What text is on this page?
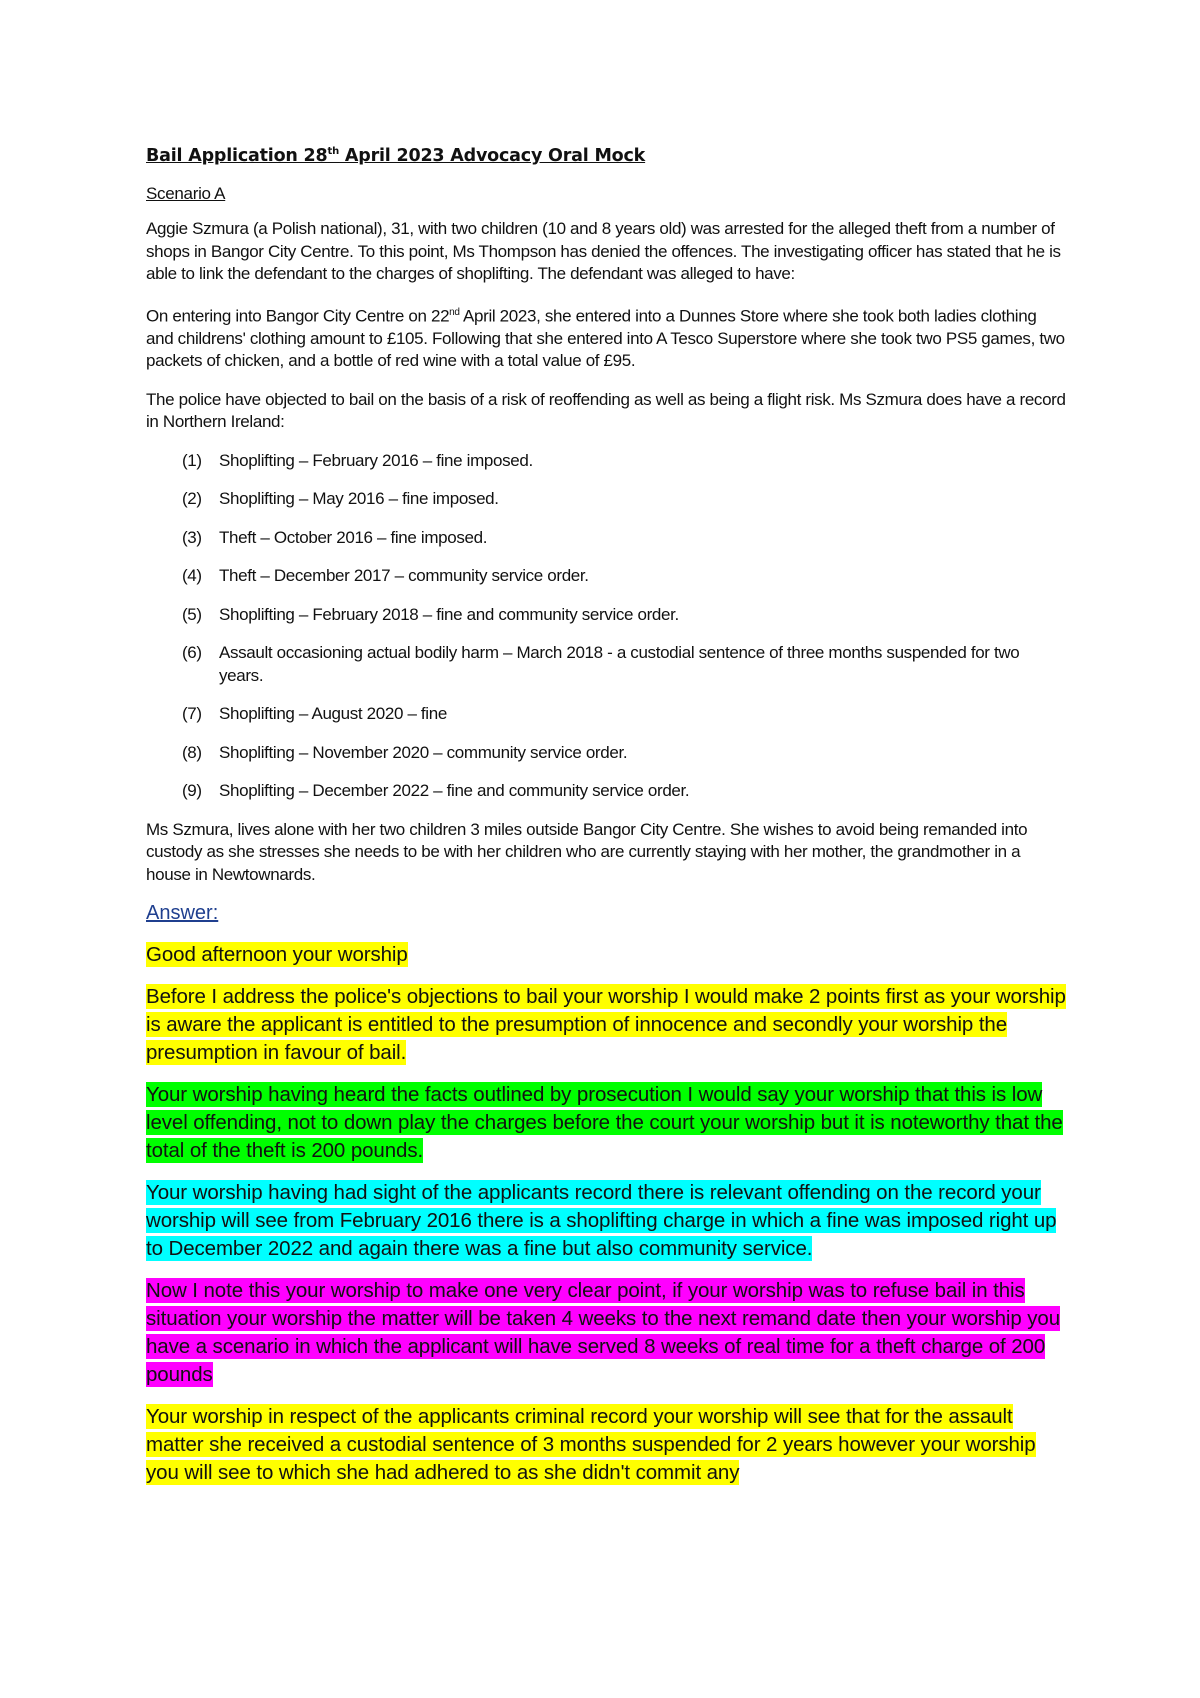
Bail Application 28th April 2023 Advocacy Oral Mock
Scenario A

Aggie Szmura (a Polish national), 31, with two children (10 and 8 years old) was arrested for the alleged theft from a number of shops in Bangor City Centre. To this point, Ms Thompson has denied the offences. The investigating officer has stated that he is able to link the defendant to the charges of shoplifting. The defendant was alleged to have:

On entering into Bangor City Centre on 22nd April 2023, she entered into a Dunnes Store where she took both ladies clothing and childrens' clothing amount to £105. Following that she entered into A Tesco Superstore where she took two PS5 games, two packets of chicken, and a bottle of red wine with a total value of £95.

The police have objected to bail on the basis of a risk of reoffending as well as being a flight risk. Ms Szmura does have a record in Northern Ireland:

(1)	Shoplifting – February 2016 – fine imposed.
(2)	Shoplifting – May 2016 – fine imposed.
(3)	Theft – October 2016 – fine imposed.
(4)	Theft – December 2017 – community service order.
(5)	Shoplifting – February 2018 – fine and community service order.
(6)	Assault occasioning actual bodily harm – March 2018 - a custodial sentence of three months suspended for two years.
(7)	Shoplifting – August 2020 – fine
(8)	Shoplifting – November 2020 – community service order.
(9)	Shoplifting – December 2022 – fine and community service order.

Ms Szmura, lives alone with her two children 3 miles outside Bangor City Centre. She wishes to avoid being remanded into custody as she stresses she needs to be with her children who are currently staying with her mother, the grandmother in a house in Newtownards.

Answer:

Good afternoon your worship

Before I address the police's objections to bail your worship I would make 2 points first as your worship is aware the applicant is entitled to the presumption of innocence and secondly your worship the presumption in favour of bail.

Your worship having heard the facts outlined by prosecution I would say your worship that this is low level offending, not to down play the charges before the court your worship but it is noteworthy that the total of the theft is 200 pounds.

Your worship having had sight of the applicants record there is relevant offending on the record your worship will see from February 2016 there is a shoplifting charge in which a fine was imposed right up to December 2022 and again there was a fine but also community service.

Now I note this your worship to make one very clear point, if your worship was to refuse bail in this situation your worship the matter will be taken 4 weeks to the next remand date then your worship you have a scenario in which the applicant will have served 8 weeks of real time for a theft charge of 200 pounds

Your worship in respect of the applicants criminal record your worship will see that for the assault matter she received a custodial sentence of 3 months suspended for 2 years however your worship you will see to which she had adhered to as she didn't commit any
